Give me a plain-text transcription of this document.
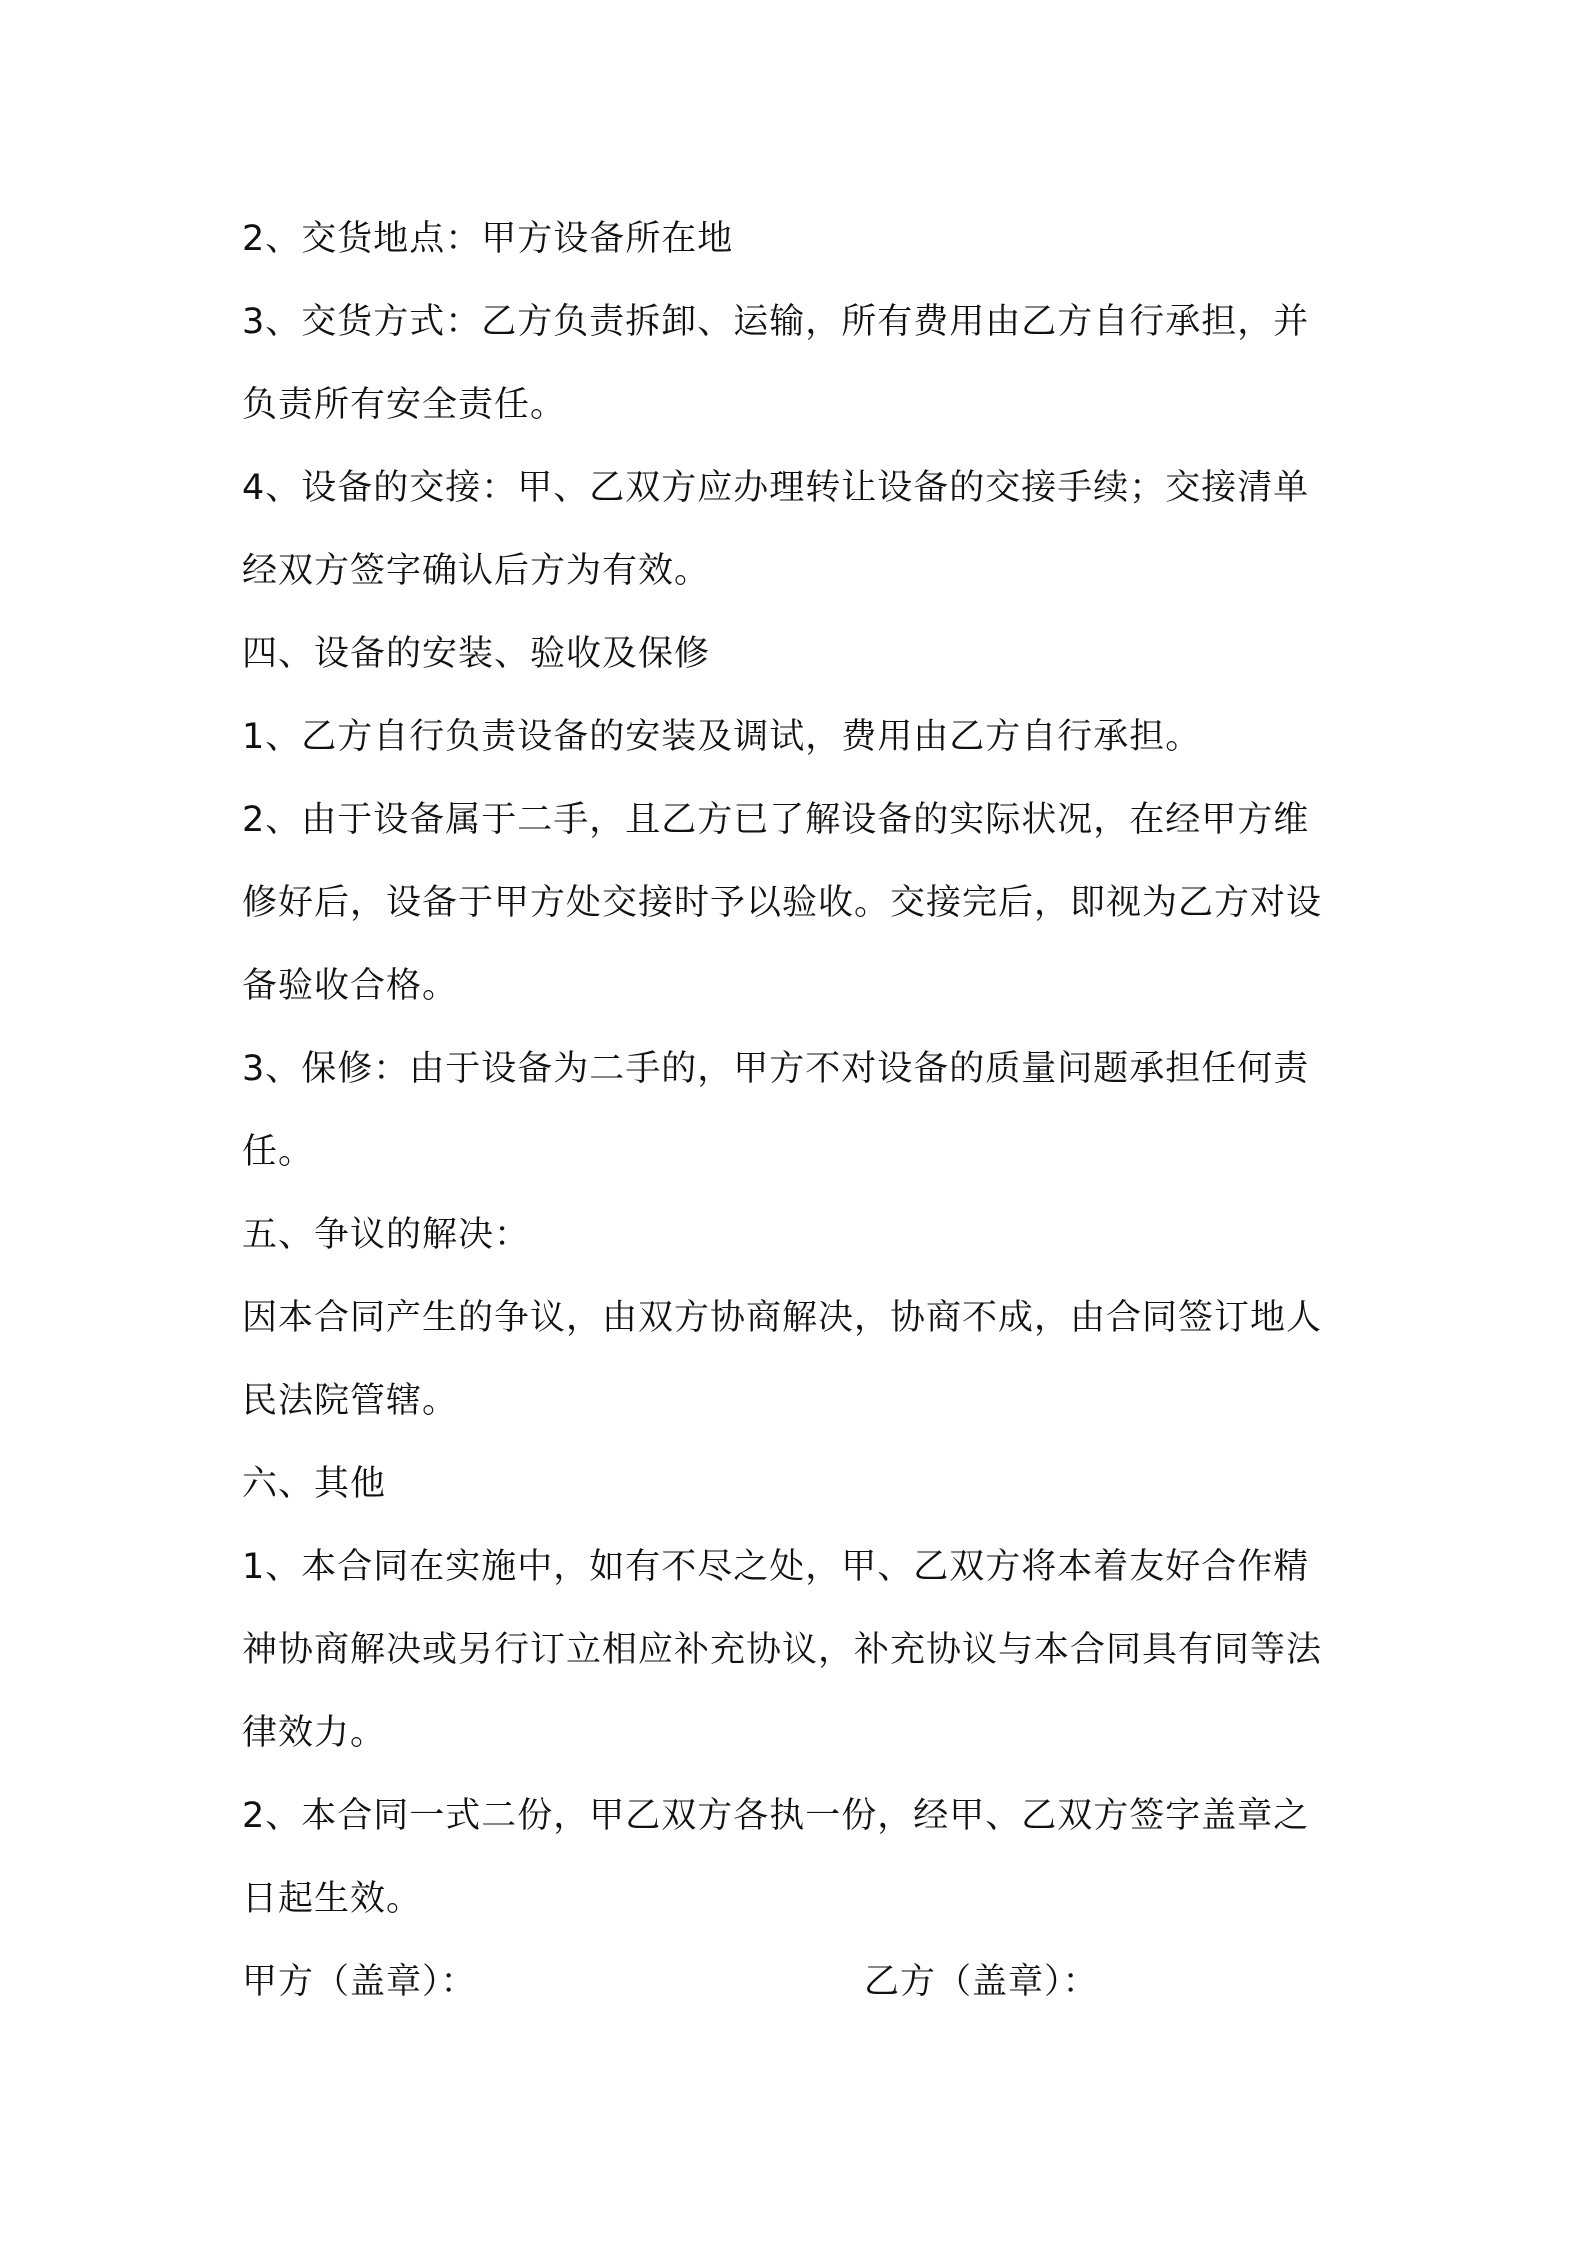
2、交货地点：甲方设备所在地
3、交货方式：乙方负责拆卸、运输，所有费用由乙方自行承担，并
负责所有安全责任。
4、设备的交接：甲、乙双方应办理转让设备的交接手续；交接清单
经双方签字确认后方为有效。
四、设备的安装、验收及保修
1、乙方自行负责设备的安装及调试，费用由乙方自行承担。
2、由于设备属于二手，且乙方已了解设备的实际状况，在经甲方维
修好后，设备于甲方处交接时予以验收。交接完后，即视为乙方对设
备验收合格。
3、保修：由于设备为二手的，甲方不对设备的质量问题承担任何责
任。
五、争议的解决：
因本合同产生的争议，由双方协商解决，协商不成，由合同签订地人
民法院管辖。
六、其他
1、本合同在实施中，如有不尽之处，甲、乙双方将本着友好合作精
神协商解决或另行订立相应补充协议，补充协议与本合同具有同等法
律效力。
2、本合同一式二份，甲乙双方各执一份，经甲、乙双方签字盖章之
日起生效。
甲方（盖章）：	乙方（盖章）：
